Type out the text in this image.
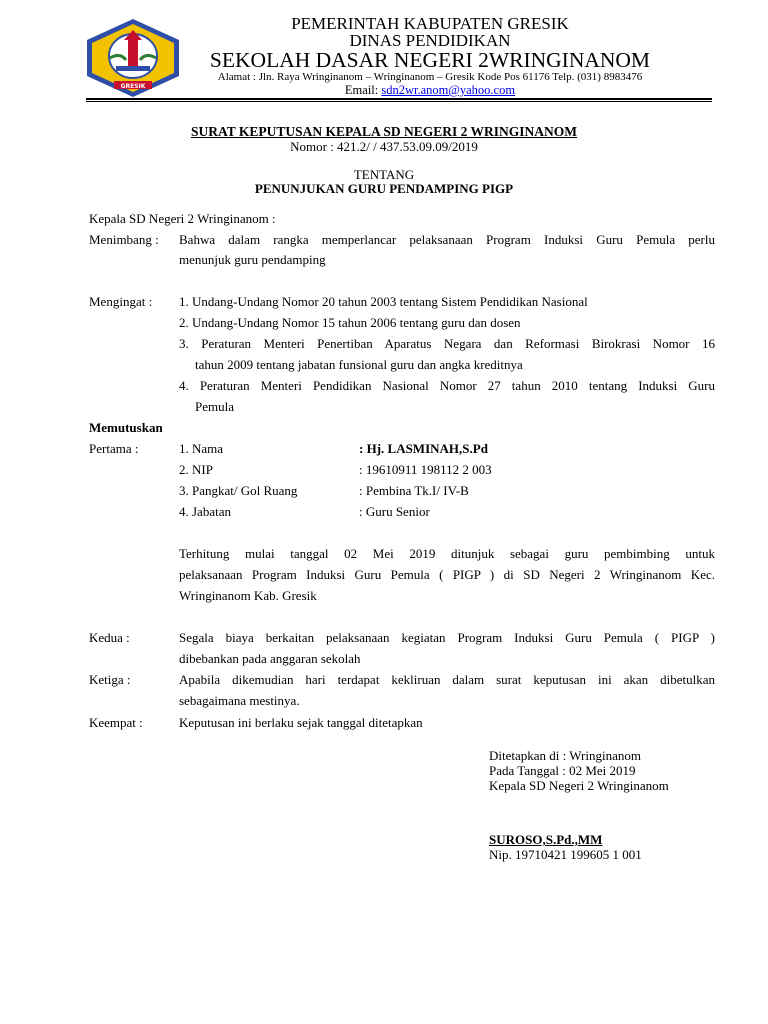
GRESIK
PEMERINTAH KABUPATEN GRESIK
DINAS PENDIDIKAN
SEKOLAH DASAR NEGERI 2WRINGINANOM
Alamat : Jln. Raya Wringinanom – Wringinanom – Gresik Kode Pos 61176 Telp. (031) 8983476
Email: sdn2wr.anom@yahoo.com
SURAT KEPUTUSAN KEPALA SD NEGERI 2 WRINGINANOM
Nomor : 421.2/ / 437.53.09.09/2019
TENTANG
PENUNJUKAN GURU PENDAMPING PIGP
Kepala SD Negeri 2 Wringinanom :
Menimbang : Bahwa dalam rangka memperlancar pelaksanaan Program Induksi Guru Pemula perlu
menunjuk guru pendamping
Mengingat : 1. Undang-Undang Nomor 20 tahun 2003 tentang Sistem Pendidikan Nasional
2. Undang-Undang Nomor 15 tahun 2006 tentang guru dan dosen
3. Peraturan Menteri Penertiban Aparatus Negara dan Reformasi Birokrasi Nomor 16
tahun 2009 tentang jabatan funsional guru dan angka kreditnya
4. Peraturan Menteri Pendidikan Nasional Nomor 27 tahun 2010 tentang Induksi Guru
Pemula
Memutuskan
Pertama :	1. Nama	: Hj. LASMINAH,S.Pd
2. NIP	: 19610911 198112 2 003
3. Pangkat/ Gol Ruang	: Pembina Tk.I/ IV-B
4. Jabatan	: Guru Senior
Terhitung mulai tanggal 02 Mei 2019 ditunjuk sebagai guru pembimbing untuk
pelaksanaan Program Induksi Guru Pemula ( PIGP ) di SD Negeri 2 Wringinanom Kec.
Wringinanom Kab. Gresik
Kedua :	Segala biaya berkaitan pelaksanaan kegiatan Program Induksi Guru Pemula ( PIGP )
dibebankan pada anggaran sekolah
Ketiga :	Apabila dikemudian hari terdapat kekliruan dalam surat keputusan ini akan dibetulkan
sebagaimana mestinya.
Keempat :	Keputusan ini berlaku sejak tanggal ditetapkan
Ditetapkan di : Wringinanom
Pada Tanggal : 02 Mei 2019
Kepala SD Negeri 2 Wringinanom
SUROSO,S.Pd.,MM
Nip. 19710421 199605 1 001
